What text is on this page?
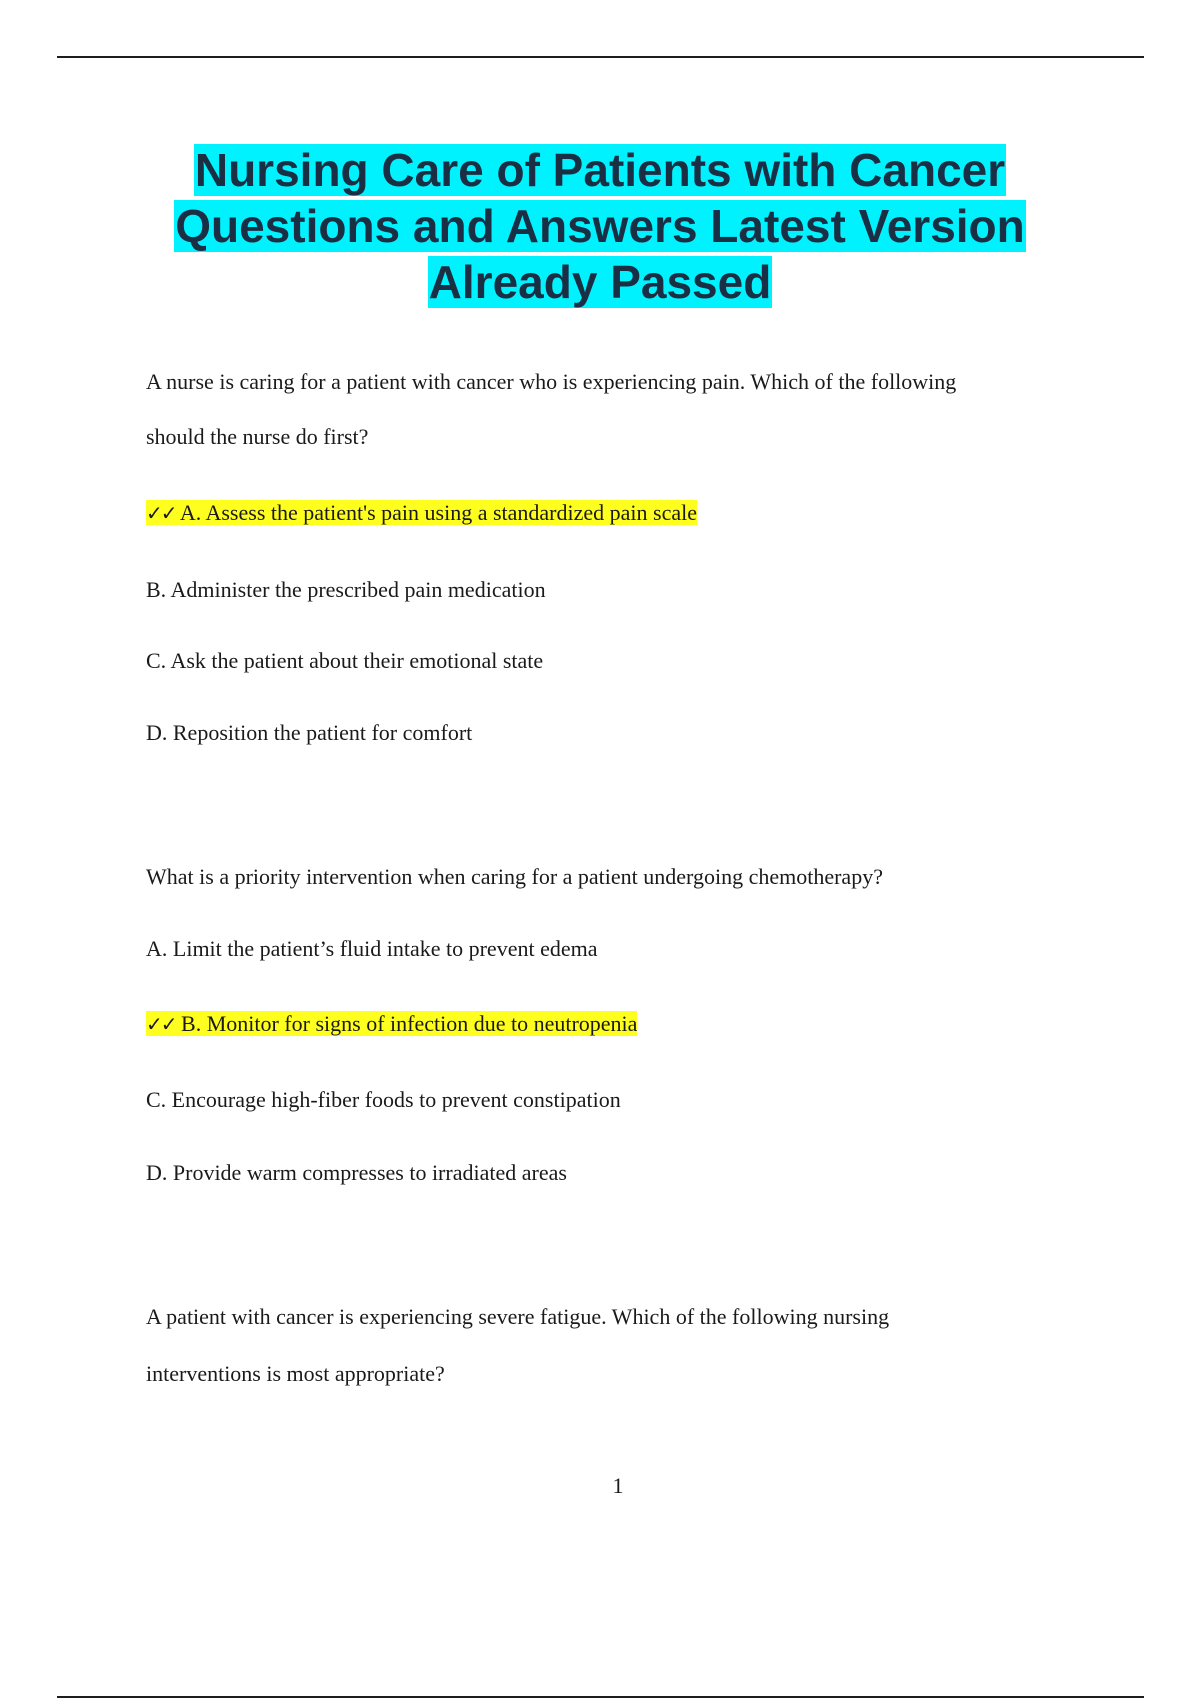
Nursing Care of Patients with Cancer
Questions and Answers Latest Version
Already Passed

A nurse is caring for a patient with cancer who is experiencing pain. Which of the following

should the nurse do first?

✓✓ A. Assess the patient's pain using a standardized pain scale

B. Administer the prescribed pain medication

C. Ask the patient about their emotional state

D. Reposition the patient for comfort

What is a priority intervention when caring for a patient undergoing chemotherapy?

A. Limit the patient’s fluid intake to prevent edema

✓✓ B. Monitor for signs of infection due to neutropenia

C. Encourage high-fiber foods to prevent constipation

D. Provide warm compresses to irradiated areas

A patient with cancer is experiencing severe fatigue. Which of the following nursing

interventions is most appropriate?

1
